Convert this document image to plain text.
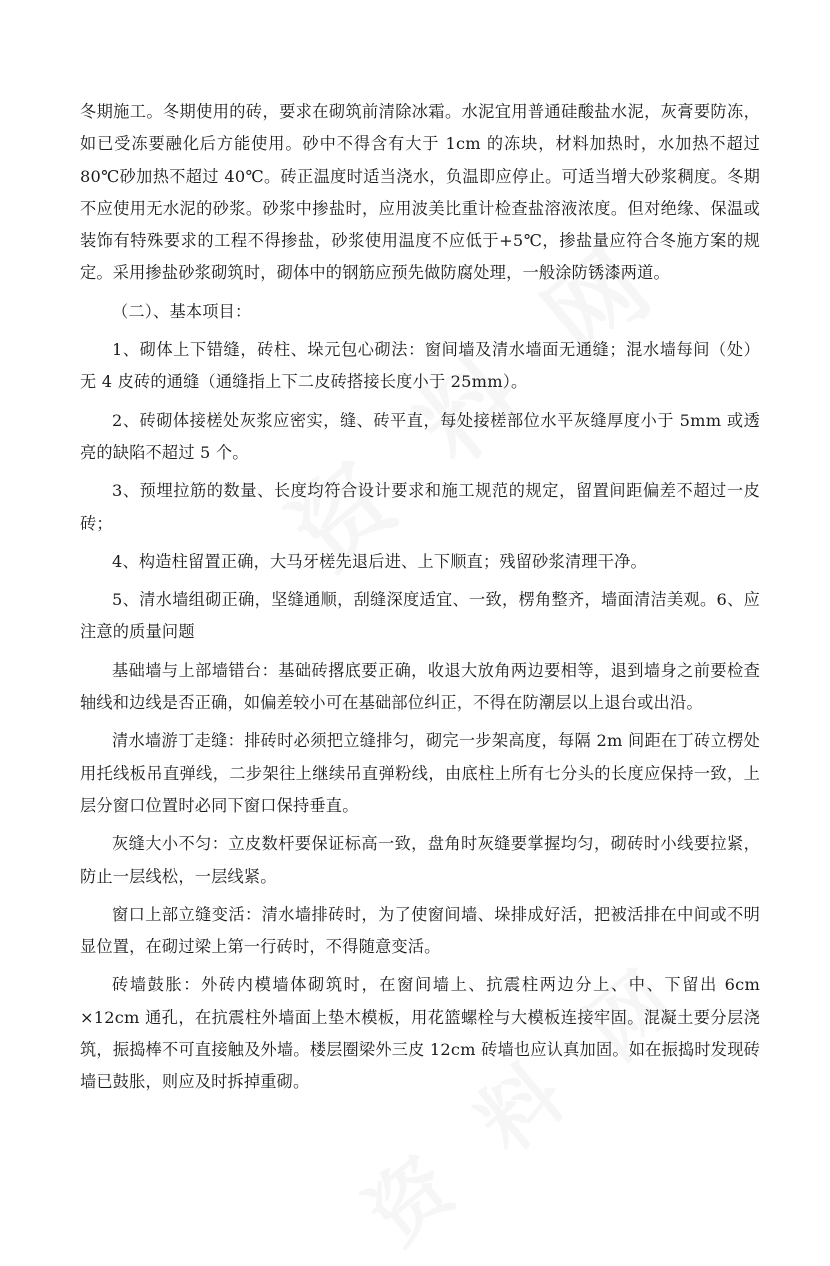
冬期施工。冬期使用的砖，要求在砌筑前清除冰霜。水泥宜用普通硅酸盐水泥，灰膏要防冻，如已受冻要融化后方能使用。砂中不得含有大于 1cm 的冻块，材料加热时，水加热不超过 80℃砂加热不超过 40℃。砖正温度时适当浇水，负温即应停止。可适当增大砂浆稠度。冬期不应使用无水泥的砂浆。砂浆中掺盐时，应用波美比重计检查盐溶液浓度。但对绝缘、保温或装饰有特殊要求的工程不得掺盐，砂浆使用温度不应低于+5℃，掺盐量应符合冬施方案的规定。采用掺盐砂浆砌筑时，砌体中的钢筋应预先做防腐处理，一般涂防锈漆两道。

（二）、基本项目：

1、砌体上下错缝，砖柱、垛元包心砌法：窗间墙及清水墙面无通缝；混水墙每间（处）无 4 皮砖的通缝（通缝指上下二皮砖搭接长度小于 25mm）。

2、砖砌体接槎处灰浆应密实，缝、砖平直，每处接槎部位水平灰缝厚度小于 5mm 或透亮的缺陷不超过 5 个。

3、预埋拉筋的数量、长度均符合设计要求和施工规范的规定，留置间距偏差不超过一皮砖；

4、构造柱留置正确，大马牙槎先退后进、上下顺直；残留砂浆清理干净。

5、清水墙组砌正确，坚缝通顺，刮缝深度适宜、一致，楞角整齐，墙面清洁美观。6、应注意的质量问题

基础墙与上部墙错台：基础砖撂底要正确，收退大放角两边要相等，退到墙身之前要检查轴线和边线是否正确，如偏差较小可在基础部位纠正，不得在防潮层以上退台或出沿。

清水墙游丁走缝：排砖时必须把立缝排匀，砌完一步架高度，每隔 2m 间距在丁砖立楞处用托线板吊直弹线，二步架往上继续吊直弹粉线，由底柱上所有七分头的长度应保持一致，上层分窗口位置时必同下窗口保持垂直。

灰缝大小不匀：立皮数杆要保证标高一致，盘角时灰缝要掌握均匀，砌砖时小线要拉紧，防止一层线松，一层线紧。

窗口上部立缝变活：清水墙排砖时，为了使窗间墙、垛排成好活，把被活排在中间或不明显位置，在砌过梁上第一行砖时，不得随意变活。

砖墙鼓胀：外砖内模墙体砌筑时，在窗间墙上、抗震柱两边分上、中、下留出 6cm ×12cm 通孔，在抗震柱外墙面上垫木模板，用花篮螺栓与大模板连接牢固。混凝土要分层浇筑，振捣棒不可直接触及外墙。楼层圈梁外三皮 12cm 砖墙也应认真加固。如在振捣时发现砖墙已鼓胀，则应及时拆掉重砌。
